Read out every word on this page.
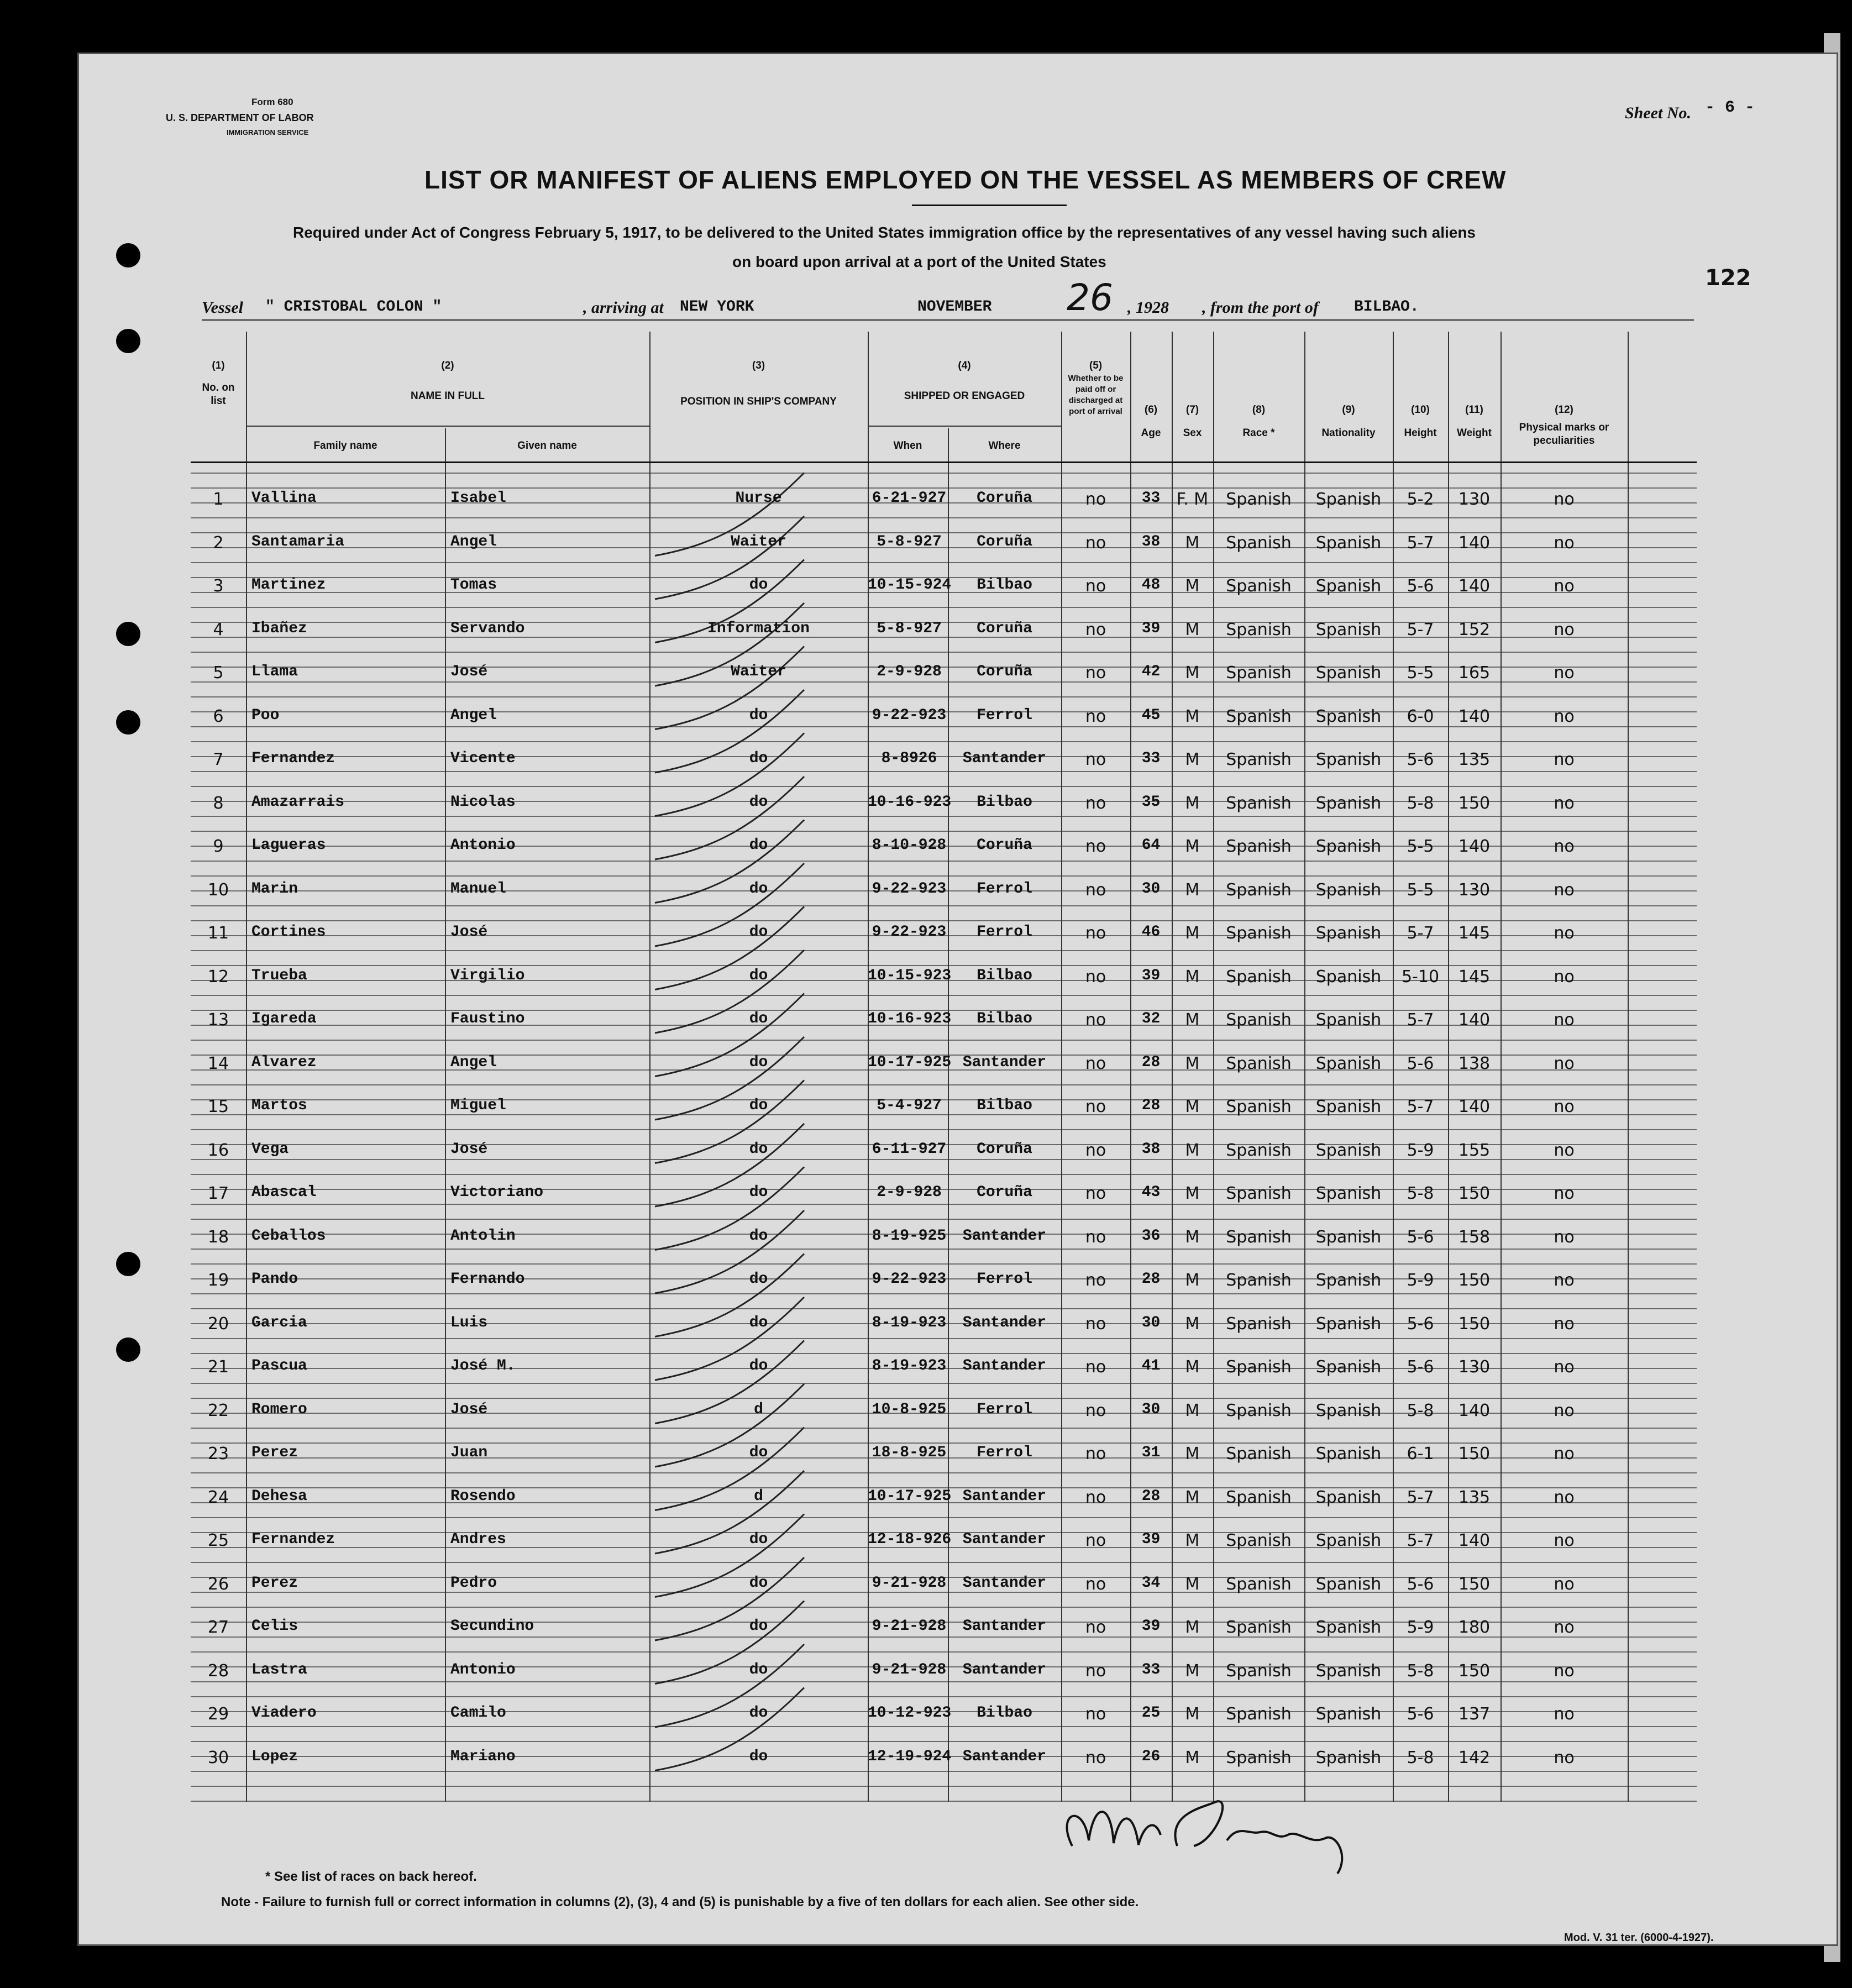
Form 680
U. S. DEPARTMENT OF LABOR
IMMIGRATION SERVICE
Sheet No. - 6 -
122
LIST OR MANIFEST OF ALIENS EMPLOYED ON THE VESSEL AS MEMBERS OF CREW
Required under Act of Congress February 5, 1917, to be delivered to the United States immigration office by the representatives of any vessel having such aliens
on board upon arrival at a port of the United States
Vessel " CRISTOBAL COLON "	, arriving at NEW YORK	NOVEMBER 26 , 1928 , from the port of BILBAO.
(1)
No. on list
(2)
NAME IN FULL
Family name	Given name
(3)
POSITION IN SHIP'S COMPANY
(4)
SHIPPED OR ENGAGED
When	Where
(5)
Whether to be paid off or discharged at port of arrival	(6)
Age
(7)
Sex
(8)
Race *
(9)
Nationality
(10)
Height
(11)
Weight
(12)
Physical marks or peculiarities
1	Vallina	Isabel	Nurse	6-21-927	Coruña	no	33 F. M	Spanish	Spanish	5-2	130	no
2	Santamaria	Angel	Waiter	5-8-927	Coruña	no	38	M	Spanish	Spanish	5-7	140	no
3	Martinez	Tomas	do	10-15-924	Bilbao	no	48	M	Spanish	Spanish	5-6	140	no
4	Ibañez	Servando	Information	5-8-927	Coruña	no	39	M	Spanish	Spanish	5-7	152	no
5	Llama	José	Waiter	2-9-928	Coruña	no	42	M	Spanish	Spanish	5-5	165	no
6	Poo	Angel	do	9-22-923	Ferrol	no	45	M	Spanish	Spanish	6-0	140	no
7	Fernandez	Vicente	do	8-8926	Santander	no	33	M	Spanish	Spanish	5-6	135	no
8	Amazarrais	Nicolas	do	10-16-923	Bilbao	no	35	M	Spanish	Spanish	5-8	150	no
9	Lagueras	Antonio	do	8-10-928	Coruña	no	64	M	Spanish	Spanish	5-5	140	no
10	Marin	Manuel	do	9-22-923	Ferrol	no	30	M	Spanish	Spanish	5-5	130	no
11	Cortines	José	do	9-22-923	Ferrol	no	46	M	Spanish	Spanish	5-7	145	no
12	Trueba	Virgilio	do	10-15-923	Bilbao	no	39	M	Spanish	Spanish	5-10	145	no
13	Igareda	Faustino	do	10-16-923	Bilbao	no	32	M	Spanish	Spanish	5-7	140	no
14	Alvarez	Angel	do	10-17-925 Santander	no	28	M	Spanish	Spanish	5-6	138	no
15	Martos	Miguel	do	5-4-927	Bilbao	no	28	M	Spanish	Spanish	5-7	140	no
16	Vega	José	do	6-11-927	Coruña	no	38	M	Spanish	Spanish	5-9	155	no
17	Abascal	Victoriano	do	2-9-928	Coruña	no	43	M	Spanish	Spanish	5-8	150	no
18	Ceballos	Antolin	do	8-19-925	Santander	no	36	M	Spanish	Spanish	5-6	158	no
19	Pando	Fernando	do	9-22-923	Ferrol	no	28	M	Spanish	Spanish	5-9	150	no
20	Garcia	Luis	do	8-19-923	Santander	no	30	M	Spanish	Spanish	5-6	150	no
21	Pascua	José M.	do	8-19-923	Santander	no	41	M	Spanish	Spanish	5-6	130	no
22	Romero	José	d	10-8-925	Ferrol	no	30	M	Spanish	Spanish	5-8	140	no
23	Perez	Juan	do	18-8-925	Ferrol	no	31	M	Spanish	Spanish	6-1	150	no
24	Dehesa	Rosendo	d	10-17-925 Santander	no	28	M	Spanish	Spanish	5-7	135	no
25	Fernandez	Andres	do	12-18-926 Santander	no	39	M	Spanish	Spanish	5-7	140	no
26	Perez	Pedro	do	9-21-928	Santander	no	34	M	Spanish	Spanish	5-6	150	no
27	Celis	Secundino	do	9-21-928	Santander	no	39	M	Spanish	Spanish	5-9	180	no
28	Lastra	Antonio	do	9-21-928	Santander	no	33	M	Spanish	Spanish	5-8	150	no
29	Viadero	Camilo	do	10-12-923	Bilbao	no	25	M	Spanish	Spanish	5-6	137	no
30	Lopez	Mariano	do	12-19-924 Santander	no	26	M	Spanish	Spanish	5-8	142	no
* See list of races on back hereof.
Note - Failure to furnish full or correct information in columns (2), (3), 4 and (5) is punishable by a five of ten dollars for each alien. See other side.
Mod. V. 31 ter. (6000-4-1927).
